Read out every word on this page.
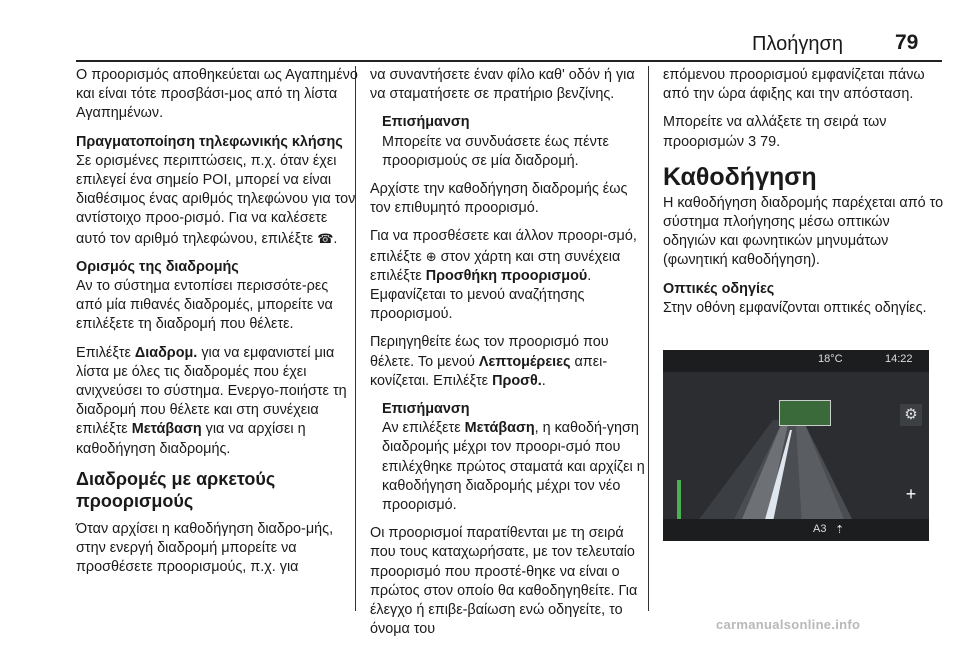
Πλοήγηση 79

Ο προορισμός αποθηκεύεται ως Αγαπημένο και είναι τότε προσβάσι-μος από τη λίστα Αγαπημένων.

Πραγματοποίηση τηλεφωνικής κλήσης

Σε ορισμένες περιπτώσεις, π.χ. όταν έχει επιλεγεί ένα σημείο POI, μπορεί να είναι διαθέσιμος ένας αριθμός τηλεφώνου για τον αντίστοιχο προο-ρισμό. Για να καλέσετε αυτό τον αριθμό τηλεφώνου, επιλέξτε ☎.

Ορισμός της διαδρομής

Αν το σύστημα εντοπίσει περισσότε-ρες από μία πιθανές διαδρομές, μπορείτε να επιλέξετε τη διαδρομή που θέλετε.

Επιλέξτε Διαδρομ. για να εμφανιστεί μια λίστα με όλες τις διαδρομές που έχει ανιχνεύσει το σύστημα. Ενεργο-ποιήστε τη διαδρομή που θέλετε και στη συνέχεια επιλέξτε Μετάβαση για να αρχίσει η καθοδήγηση διαδρομής.

Διαδρομές με αρκετούς προορισμούς

Όταν αρχίσει η καθοδήγηση διαδρο-μής, στην ενεργή διαδρομή μπορείτε να προσθέσετε προορισμούς, π.χ. για

να συναντήσετε έναν φίλο καθ' οδόν ή για να σταματήσετε σε πρατήριο βενζίνης.

Επισήμανση
Μπορείτε να συνδυάσετε έως πέντε προορισμούς σε μία διαδρομή.

Αρχίστε την καθοδήγηση διαδρομής έως τον επιθυμητό προορισμό.

Για να προσθέσετε και άλλον προορι-σμό, επιλέξτε ⊕ στον χάρτη και στη συνέχεια επιλέξτε Προσθήκη προορισμού. Εμφανίζεται το μενού αναζήτησης προορισμού.

Περιηγηθείτε έως τον προορισμό που θέλετε. Το μενού Λεπτομέρειες απει-κονίζεται. Επιλέξτε Προσθ..

Επισήμανση
Αν επιλέξετε Μετάβαση, η καθοδή-γηση διαδρομής μέχρι τον προορι-σμό που επιλέχθηκε πρώτος σταματά και αρχίζει η καθοδήγηση διαδρομής μέχρι τον νέο προορισμό.

Οι προορισμοί παρατίθενται με τη σειρά που τους καταχωρήσατε, με τον τελευταίο προορισμό που προστέ-θηκε να είναι ο πρώτος στον οποίο θα καθοδηγηθείτε. Για έλεγχο ή επιβε-βαίωση ενώ οδηγείτε, το όνομα του

επόμενου προορισμού εμφανίζεται πάνω από την ώρα άφιξης και την απόσταση.

Μπορείτε να αλλάξετε τη σειρά των προορισμών 3 79.

Καθοδήγηση

Η καθοδήγηση διαδρομής παρέχεται από το σύστημα πλοήγησης μέσω οπτικών οδηγιών και φωνητικών μηνυμάτων (φωνητική καθοδήγηση).

Οπτικές οδηγίες

Στην οθόνη εμφανίζονται οπτικές οδηγίες.

18°C	14:22
⚙
+
A3 ⇡
carmanualsonline.info
